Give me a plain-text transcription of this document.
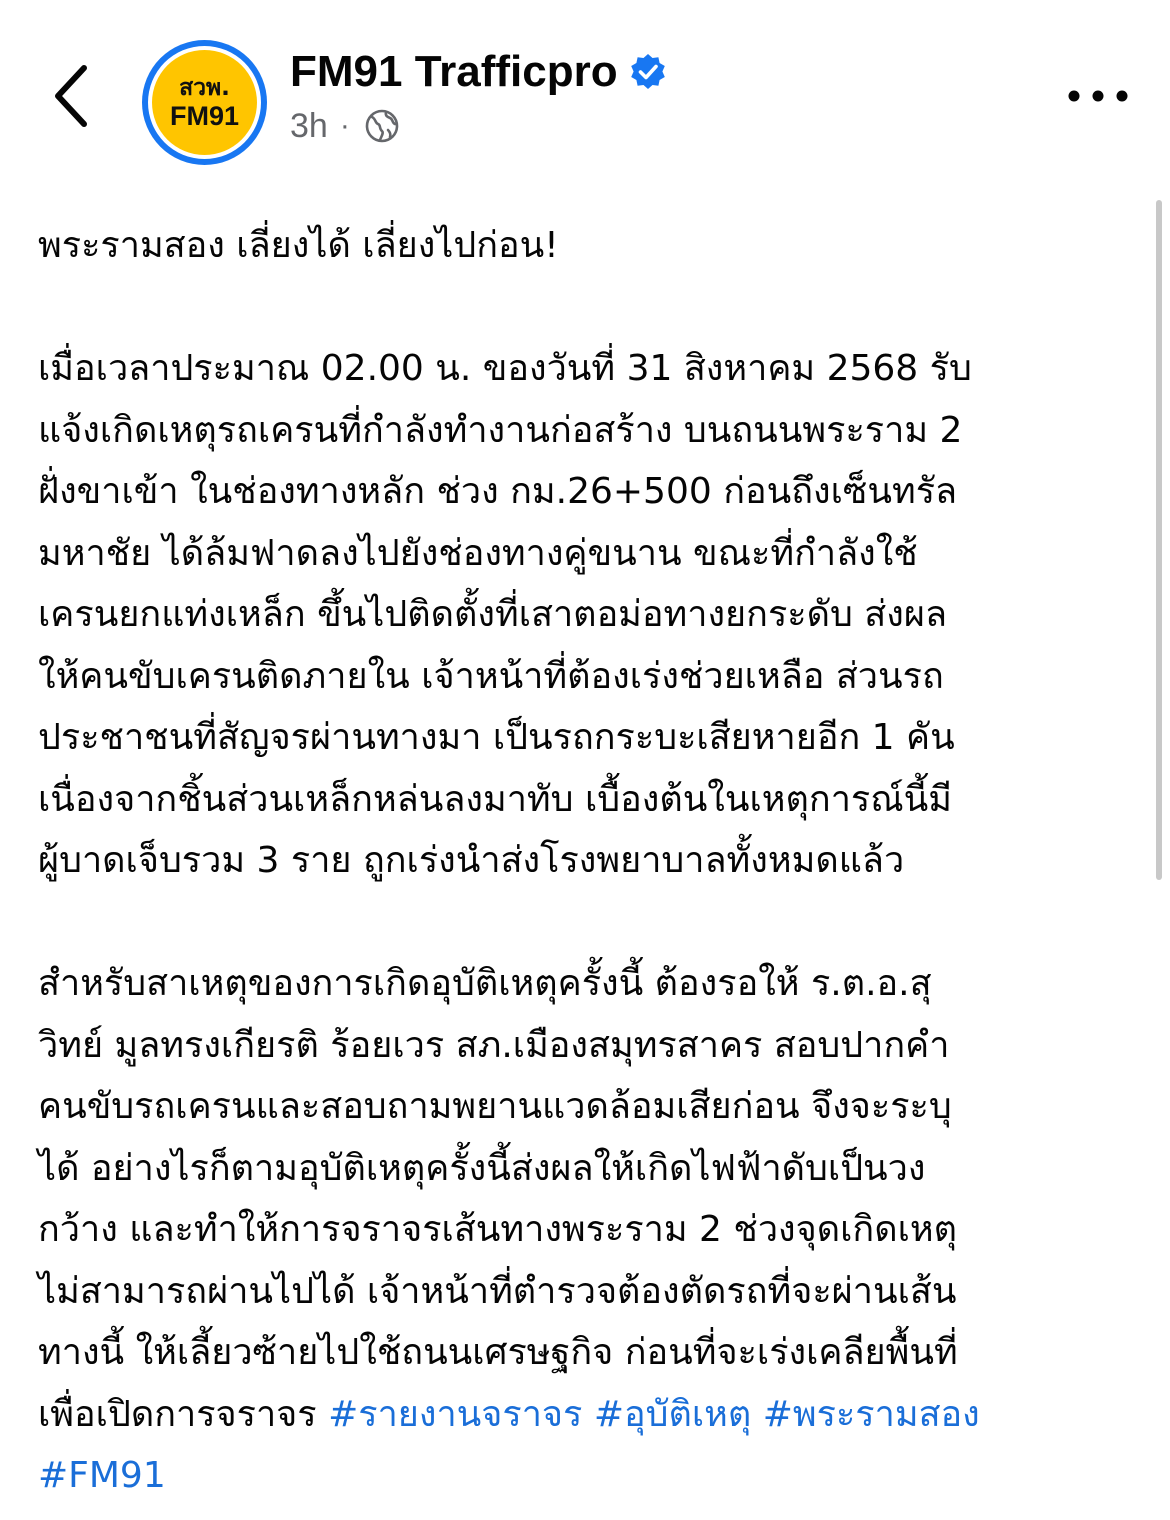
สวพ.
FM91
FM91 Trafficpro
3h ·
พระรามสอง เลี่ยงได้ เลี่ยงไปก่อน!
เมื่อเวลาประมาณ 02.00 น. ของวันที่ 31 สิงหาคม 2568 รับ
แจ้งเกิดเหตุรถเครนที่กำลังทำงานก่อสร้าง บนถนนพระราม 2
ฝั่งขาเข้า ในช่องทางหลัก ช่วง กม.26+500 ก่อนถึงเซ็นทรัล
มหาชัย ได้ล้มฟาดลงไปยังช่องทางคู่ขนาน ขณะที่กำลังใช้
เครนยกแท่งเหล็ก ขึ้นไปติดตั้งที่เสาตอม่อทางยกระดับ ส่งผล
ให้คนขับเครนติดภายใน เจ้าหน้าที่ต้องเร่งช่วยเหลือ ส่วนรถ
ประชาชนที่สัญจรผ่านทางมา เป็นรถกระบะเสียหายอีก 1 คัน
เนื่องจากชิ้นส่วนเหล็กหล่นลงมาทับ เบื้องต้นในเหตุการณ์นี้มี
ผู้บาดเจ็บรวม 3 ราย ถูกเร่งนำส่งโรงพยาบาลทั้งหมดแล้ว
สำหรับสาเหตุของการเกิดอุบัติเหตุครั้งนี้ ต้องรอให้ ร.ต.อ.สุ
วิทย์ มูลทรงเกียรติ ร้อยเวร สภ.เมืองสมุทรสาคร สอบปากคำ
คนขับรถเครนและสอบถามพยานแวดล้อมเสียก่อน จึงจะระบุ
ได้ อย่างไรก็ตามอุบัติเหตุครั้งนี้ส่งผลให้เกิดไฟฟ้าดับเป็นวง
กว้าง และทำให้การจราจรเส้นทางพระราม 2 ช่วงจุดเกิดเหตุ
ไม่สามารถผ่านไปได้ เจ้าหน้าที่ตำรวจต้องตัดรถที่จะผ่านเส้น
ทางนี้ ให้เลี้ยวซ้ายไปใช้ถนนเศรษฐกิจ ก่อนที่จะเร่งเคลียพื้นที่
เพื่อเปิดการจราจร #รายงานจราจร #อุบัติเหตุ #พระรามสอง
#FM91
